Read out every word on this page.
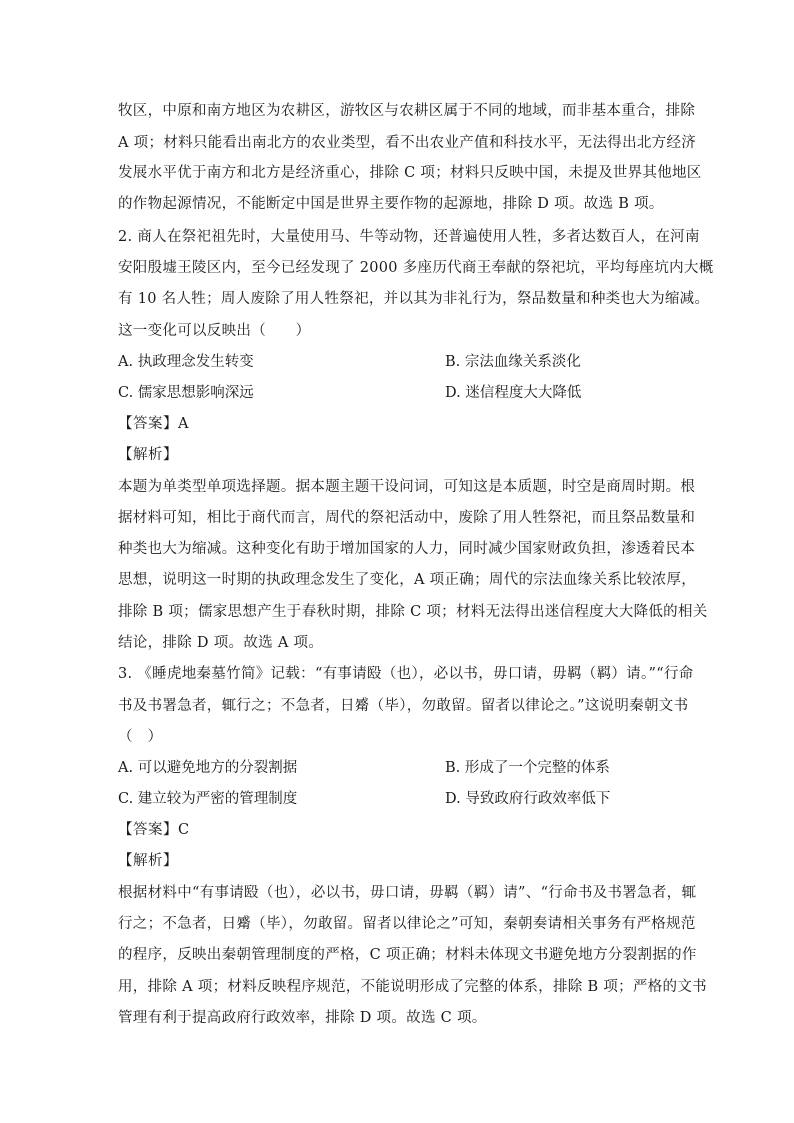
牧区，中原和南方地区为农耕区，游牧区与农耕区属于不同的地域，而非基本重合，排除
A 项；材料只能看出南北方的农业类型，看不出农业产值和科技水平，无法得出北方经济
发展水平优于南方和北方是经济重心，排除 C 项；材料只反映中国，未提及世界其他地区
的作物起源情况，不能断定中国是世界主要作物的起源地，排除 D 项。故选 B 项。
2. 商人在祭祀祖先时，大量使用马、牛等动物，还普遍使用人牲，多者达数百人，在河南
安阳殷墟王陵区内，至今已经发现了 2000 多座历代商王奉献的祭祀坑，平均每座坑内大概
有 10 名人牲；周人废除了用人牲祭祀，并以其为非礼行为，祭品数量和种类也大为缩减。
这一变化可以反映出（　　）
A. 执政理念发生转变	B. 宗法血缘关系淡化
C. 儒家思想影响深远	D. 迷信程度大大降低
【答案】A
【解析】
本题为单类型单项选择题。据本题主题干设问词，可知这是本质题，时空是商周时期。根
据材料可知，相比于商代而言，周代的祭祀活动中，废除了用人牲祭祀，而且祭品数量和
种类也大为缩减。这种变化有助于增加国家的人力，同时减少国家财政负担，渗透着民本
思想，说明这一时期的执政理念发生了变化，A 项正确；周代的宗法血缘关系比较浓厚，
排除 B 项；儒家思想产生于春秋时期，排除 C 项；材料无法得出迷信程度大大降低的相关
结论，排除 D 项。故选 A 项。
3. 《睡虎地秦墓竹简》记载：“有事请殹（也），必以书，毋口请，毋羁（羁）请。”“行命
书及书署急者，辄行之；不急者，日觱（毕），勿敢留。留者以律论之。”这说明秦朝文书
（　）
A. 可以避免地方的分裂割据	B. 形成了一个完整的体系
C. 建立较为严密的管理制度	D. 导致政府行政效率低下
【答案】C
【解析】
根据材料中“有事请殹（也），必以书，毋口请，毋羁（羁）请”、“行命书及书署急者，辄
行之；不急者，日觱（毕），勿敢留。留者以律论之”可知，秦朝奏请相关事务有严格规范
的程序，反映出秦朝管理制度的严格，C 项正确；材料未体现文书避免地方分裂割据的作
用，排除 A 项；材料反映程序规范，不能说明形成了完整的体系，排除 B 项；严格的文书
管理有利于提高政府行政效率，排除 D 项。故选 C 项。
